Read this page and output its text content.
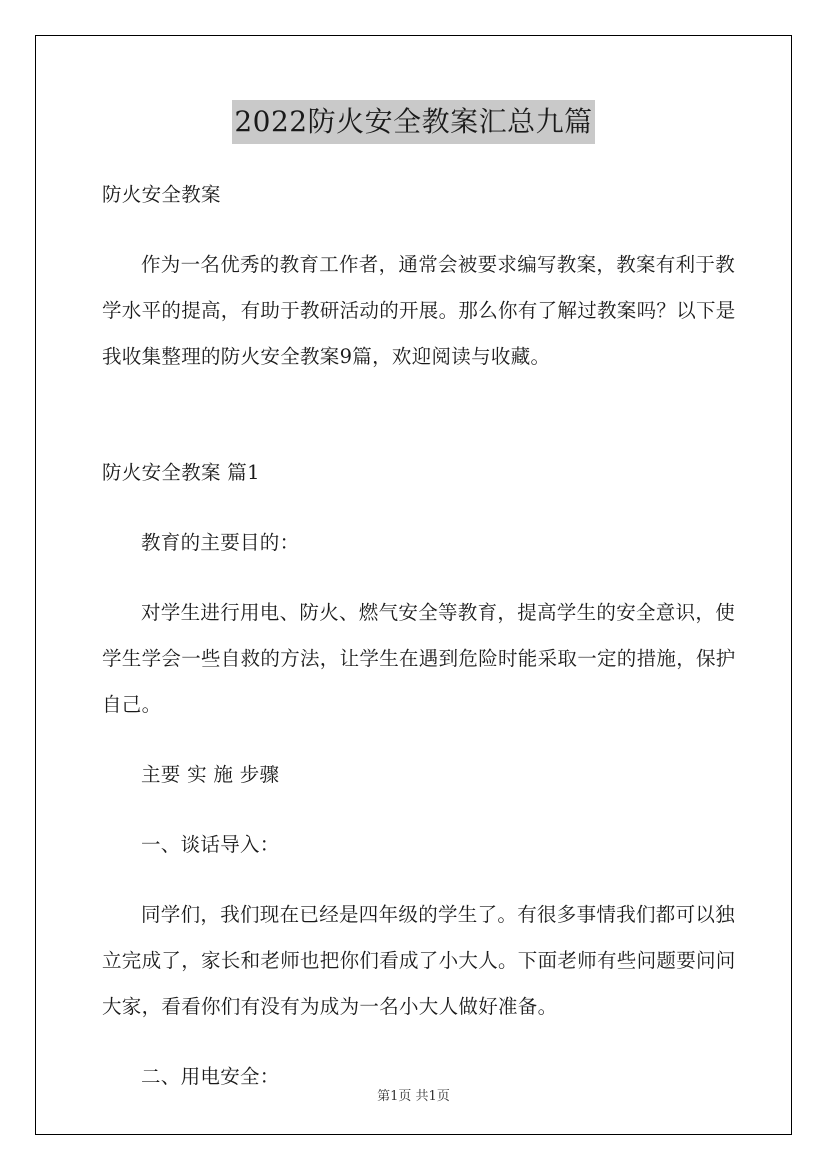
2022防火安全教案汇总九篇

防火安全教案

作为一名优秀的教育工作者，通常会被要求编写教案，教案有利于教学水平的提高，有助于教研活动的开展。那么你有了解过教案吗？以下是我收集整理的防火安全教案9篇，欢迎阅读与收藏。

防火安全教案 篇1

教育的主要目的：

对学生进行用电、防火、燃气安全等教育，提高学生的安全意识，使学生学会一些自救的方法，让学生在遇到危险时能采取一定的措施，保护自己。

主要 实 施 步骤

一、谈话导入：

同学们，我们现在已经是四年级的学生了。有很多事情我们都可以独立完成了，家长和老师也把你们看成了小大人。下面老师有些问题要问问大家，看看你们有没有为成为一名小大人做好准备。

二、用电安全：

第1页 共1页
